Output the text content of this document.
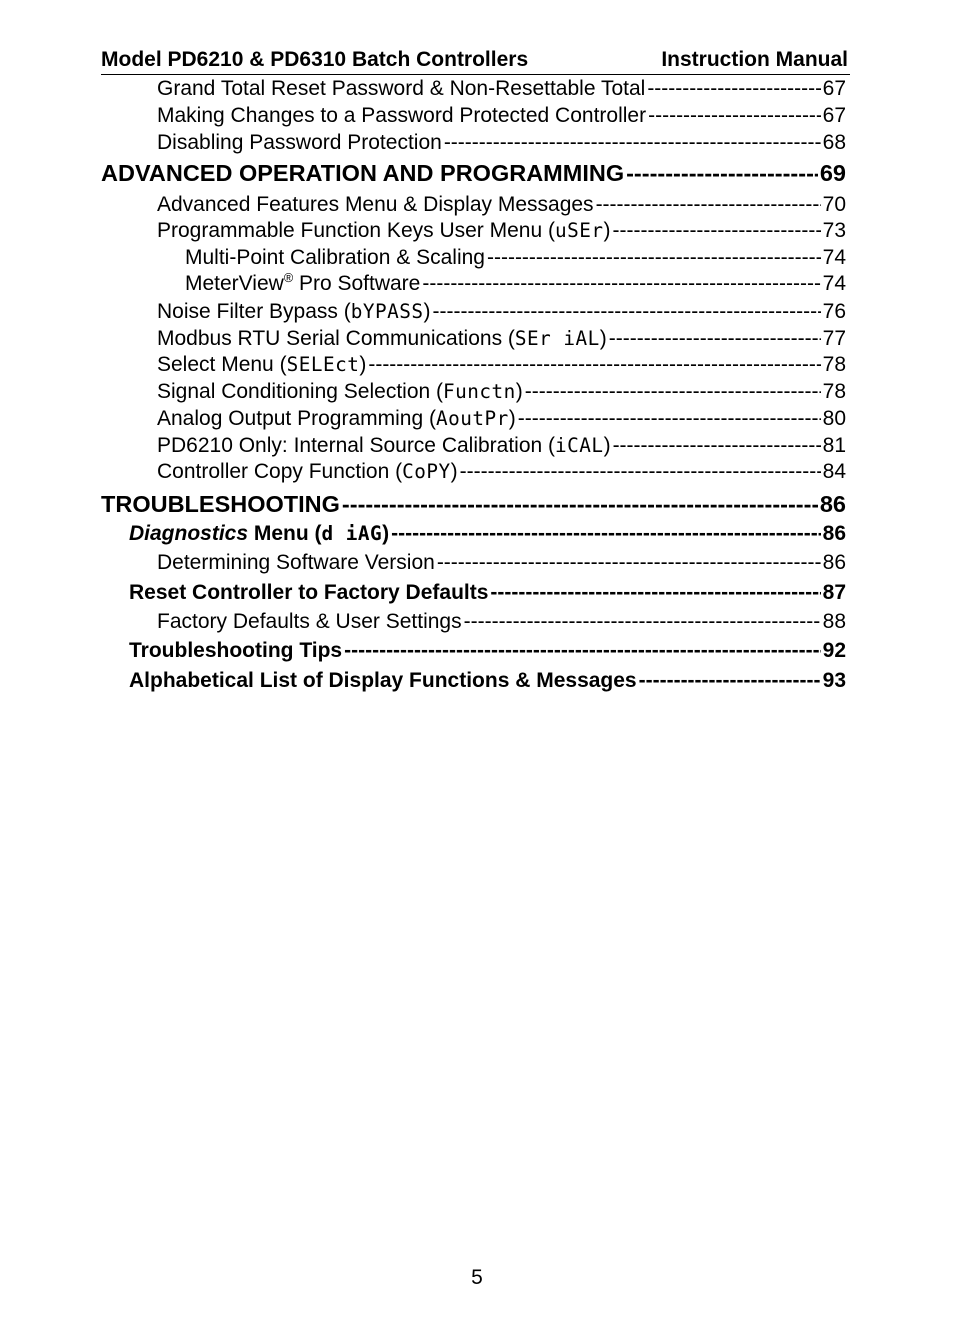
Model PD6210 & PD6310 Batch Controllers	Instruction Manual
Grand Total Reset Password & Non-Resettable Total -----	67
Making Changes to a Password Protected Controller -----	67
Disabling Password Protection -----	68
ADVANCED OPERATION AND PROGRAMMING -----	69
Advanced Features Menu & Display Messages -----	70
Programmable Function Keys User Menu (uSEr) -----	73
Multi-Point Calibration & Scaling -----	74
MeterView® Pro Software -----	74
Noise Filter Bypass (bYPASS) -----	76
Modbus RTU Serial Communications (SEr iAL) -----	77
Select Menu (SELEct) -----	78
Signal Conditioning Selection (Functn) -----	78
Analog Output Programming (AoutPr) -----	80
PD6210 Only: Internal Source Calibration (iCAL) -----	81
Controller Copy Function (CoPY) -----	84
TROUBLESHOOTING -----	86
Diagnostics Menu (d iAG) -----	86
Determining Software Version -----	86
Reset Controller to Factory Defaults -----	87
Factory Defaults & User Settings -----	88
Troubleshooting Tips -----	92
Alphabetical List of Display Functions & Messages -----	93
5
